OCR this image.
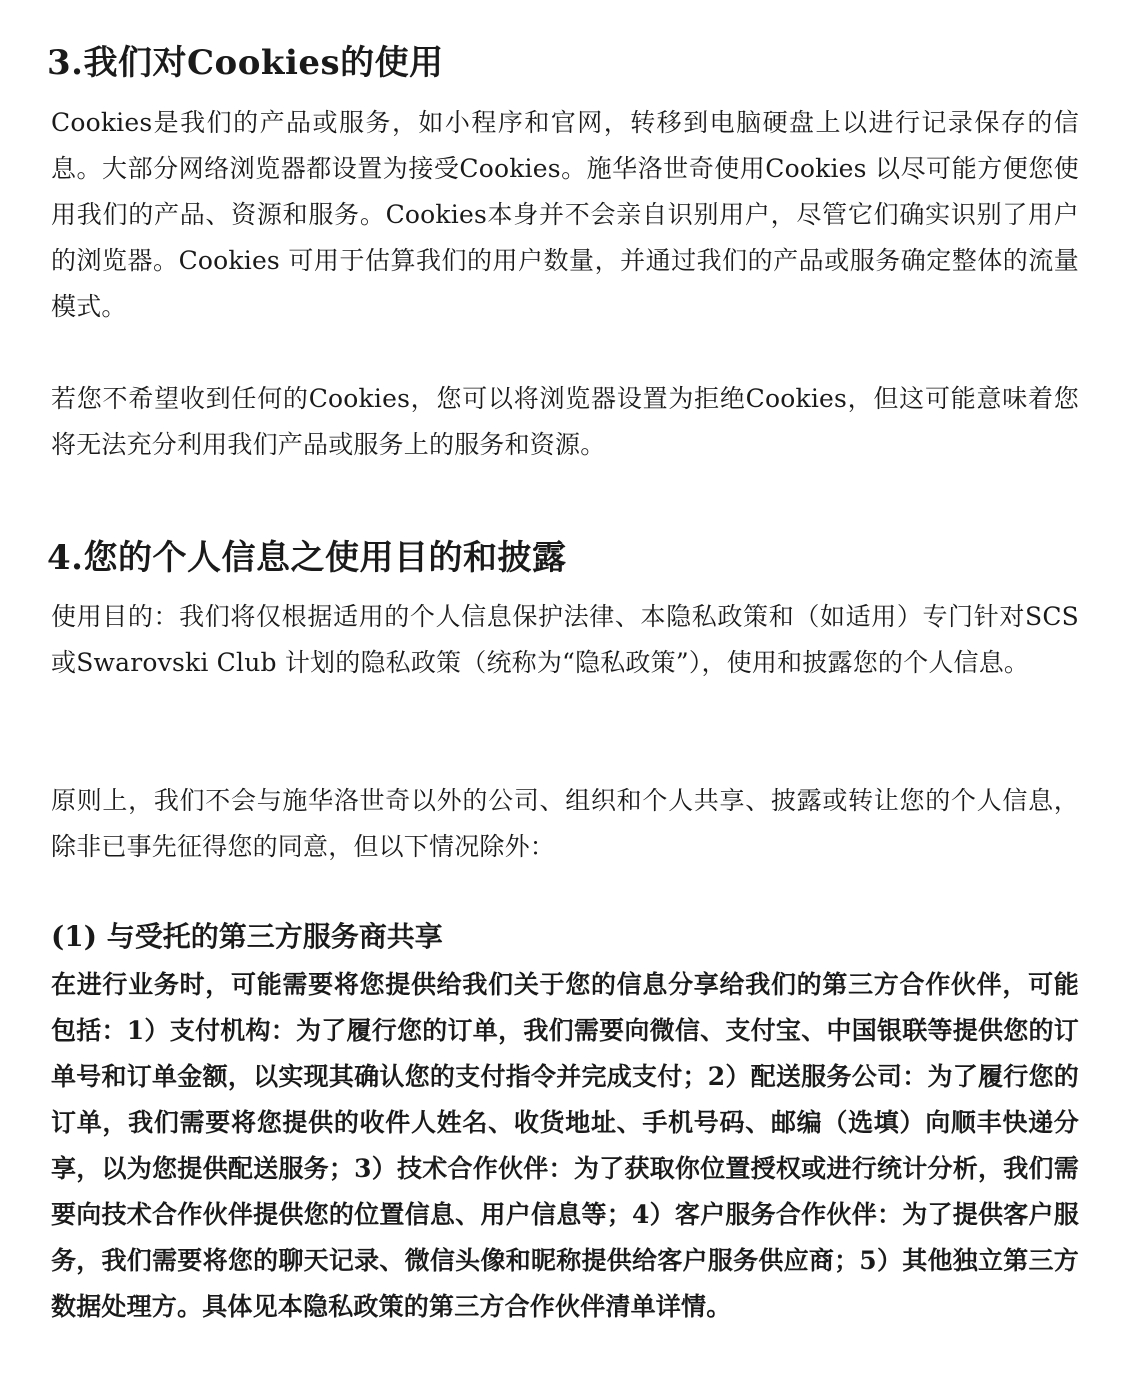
3.我们对Cookies的使用

Cookies是我们的产品或服务，如小程序和官网，转移到电脑硬盘上以进行记录保存的信息。大部分网络浏览器都设置为接受Cookies。施华洛世奇使用Cookies 以尽可能方便您使用我们的产品、资源和服务。Cookies本身并不会亲自识别用户，尽管它们确实识别了用户的浏览器。Cookies 可用于估算我们的用户数量，并通过我们的产品或服务确定整体的流量模式。

若您不希望收到任何的Cookies，您可以将浏览器设置为拒绝Cookies，但这可能意味着您将无法充分利用我们产品或服务上的服务和资源。

4.您的个人信息之使用目的和披露

使用目的：我们将仅根据适用的个人信息保护法律、本隐私政策和（如适用）专门针对SCS 或Swarovski Club 计划的隐私政策（统称为“隐私政策”），使用和披露您的个人信息。

原则上，我们不会与施华洛世奇以外的公司、组织和个人共享、披露或转让您的个人信息，除非已事先征得您的同意，但以下情况除外：

(1) 与受托的第三方服务商共享

在进行业务时，可能需要将您提供给我们关于您的信息分享给我们的第三方合作伙伴，可能包括：1）支付机构：为了履行您的订单，我们需要向微信、支付宝、中国银联等提供您的订单号和订单金额，以实现其确认您的支付指令并完成支付；2）配送服务公司：为了履行您的订单，我们需要将您提供的收件人姓名、收货地址、手机号码、邮编（选填）向顺丰快递分享，以为您提供配送服务；3）技术合作伙伴：为了获取你位置授权或进行统计分析，我们需要向技术合作伙伴提供您的位置信息、用户信息等；4）客户服务合作伙伴：为了提供客户服务，我们需要将您的聊天记录、微信头像和昵称提供给客户服务供应商；5）其他独立第三方数据处理方。具体见本隐私政策的第三方合作伙伴清单详情。
